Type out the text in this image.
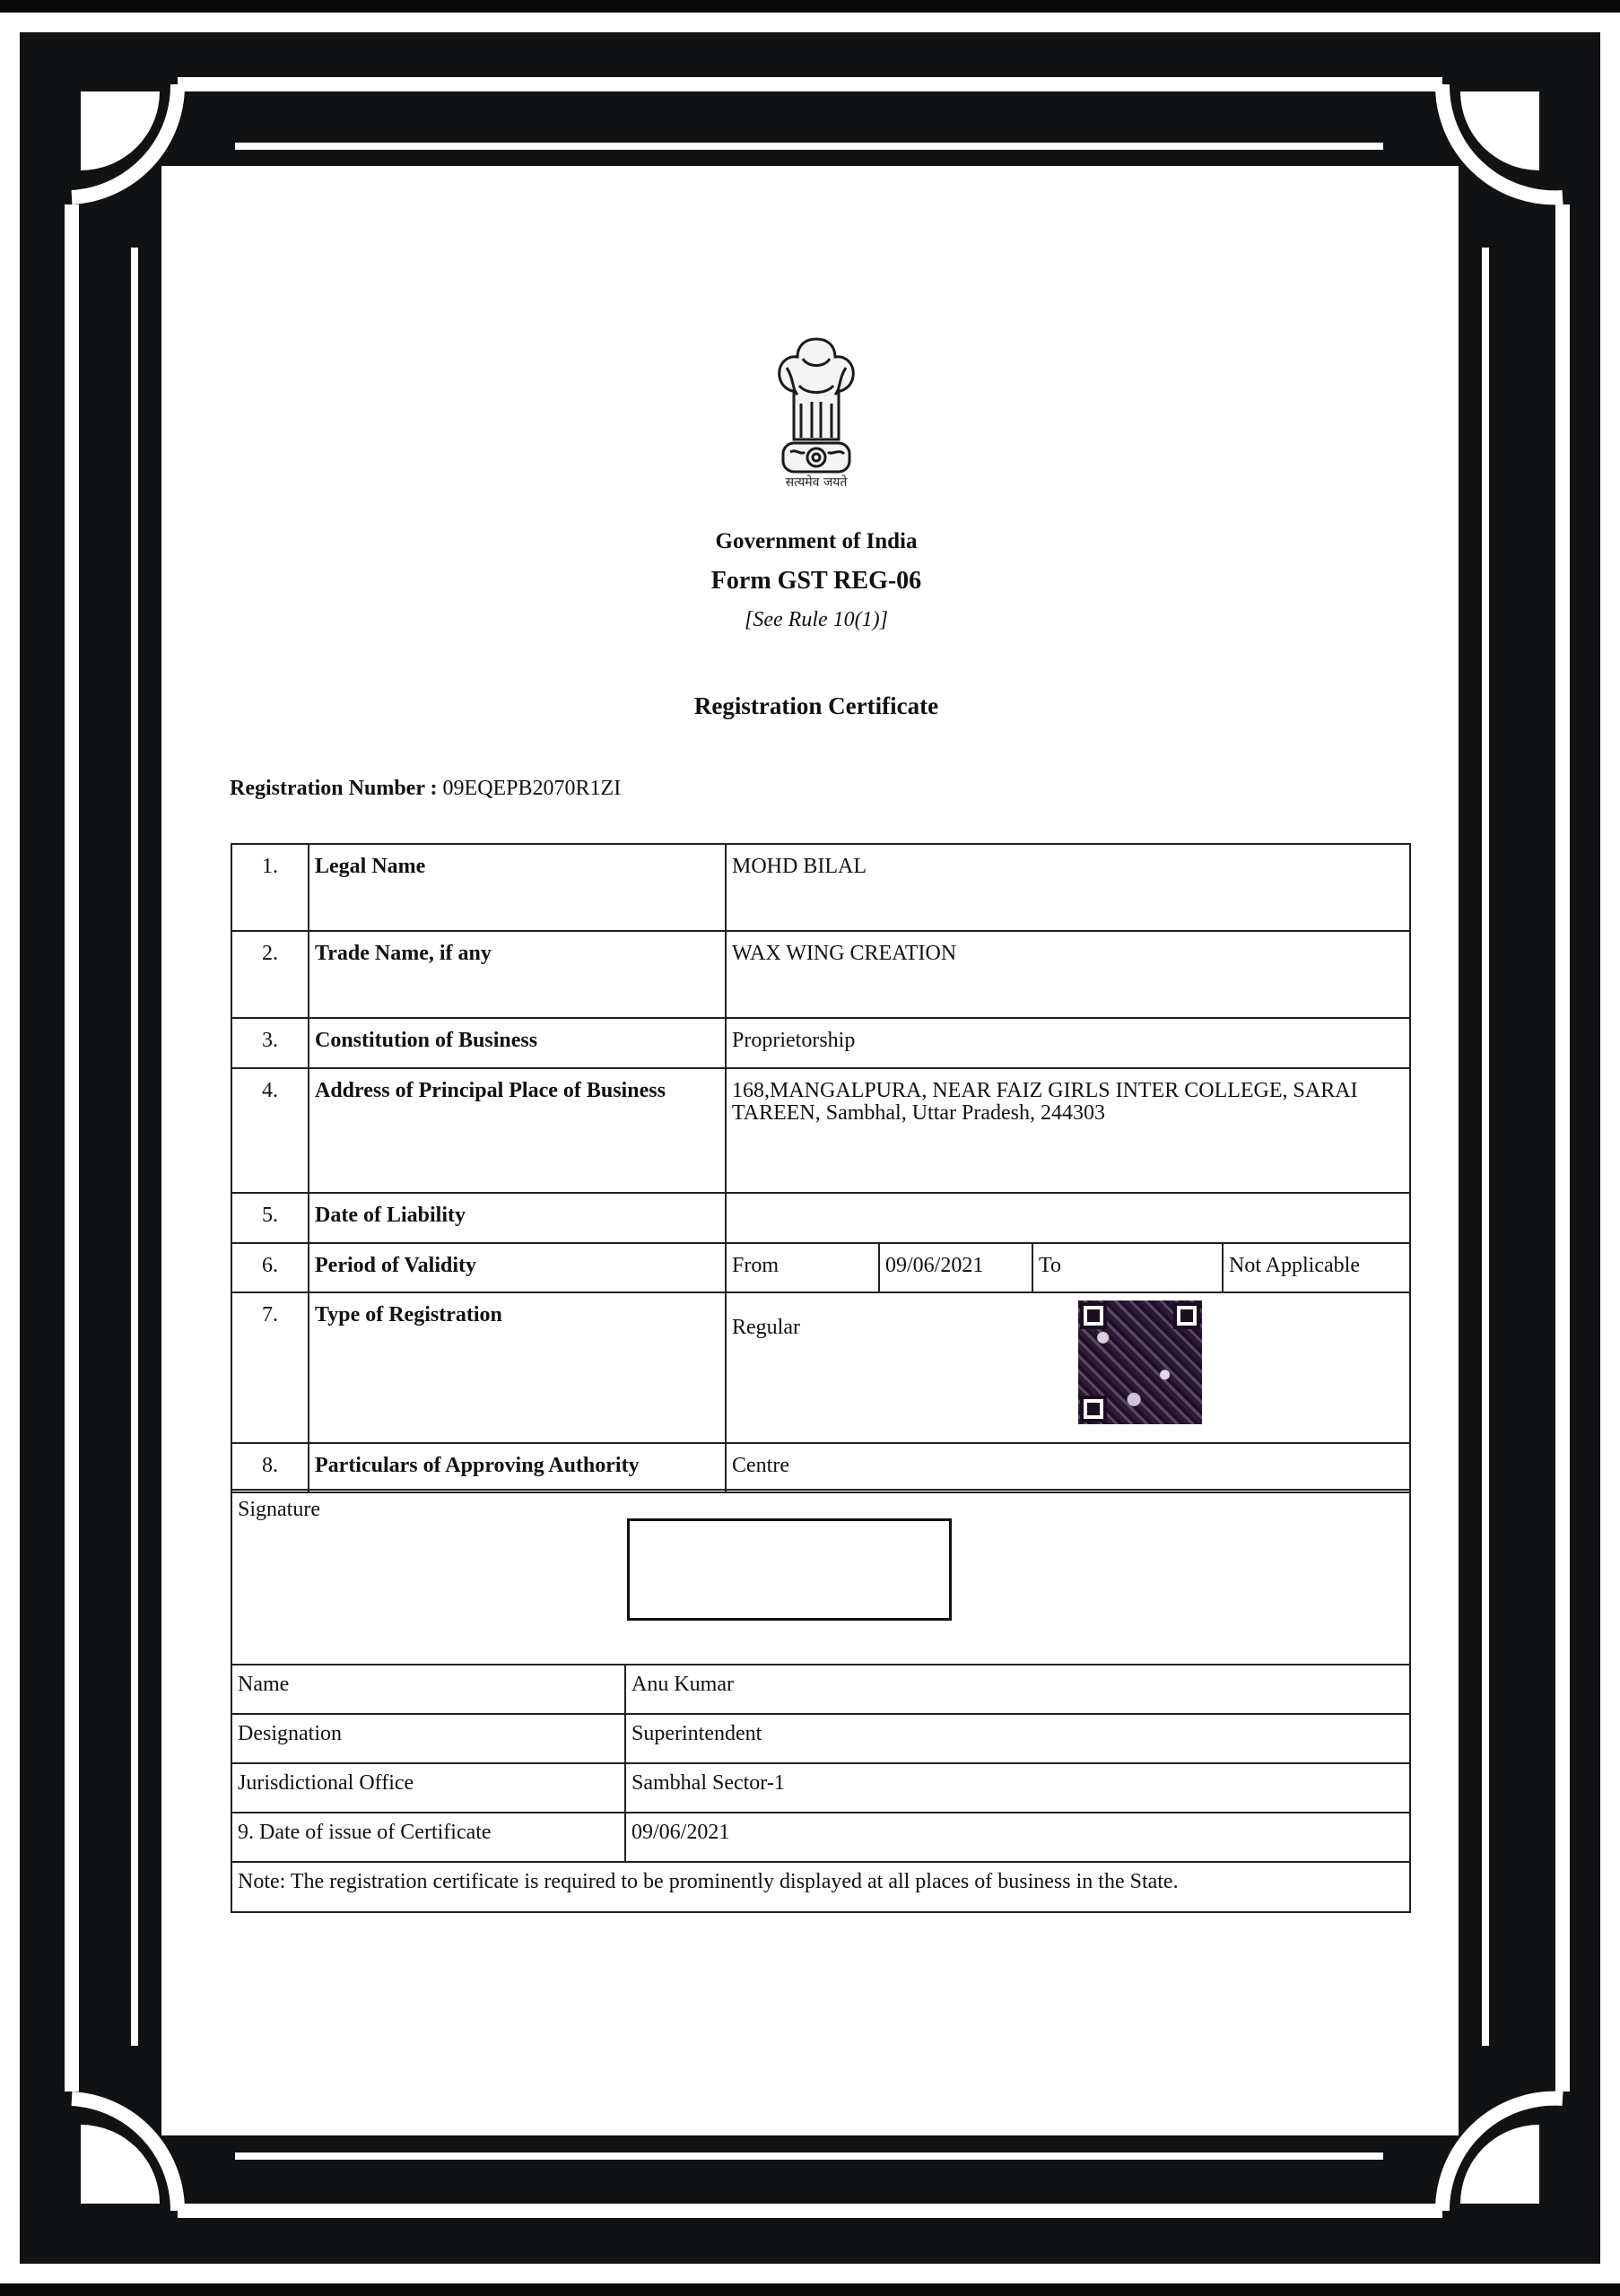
सत्यमेव जयते
Government of India
Form GST REG-06
[See Rule 10(1)]
Registration Certificate
Registration Number : 09EQEPB2070R1ZI
1.	Legal Name	MOHD BILAL			
2.	Trade Name, if any	WAX WING CREATION			
3.	Constitution of Business	Proprietorship			
4.	Address of Principal Place of Business	168,MANGALPURA, NEAR FAIZ GIRLS INTER COLLEGE, SARAI TAREEN, Sambhal, Uttar Pradesh, 244303			
5.	Date of Liability				
6.	Period of Validity	From	09/06/2021	To	Not Applicable
7.	Type of Registration	Regular			

8.	Particulars of Approving Authority	Centre			
Signature	
Name	Anu Kumar
Designation	Superintendent
Jurisdictional Office	Sambhal Sector-1
9. Date of issue of Certificate	09/06/2021
Note: The registration certificate is required to be prominently displayed at all places of business in the State.	
